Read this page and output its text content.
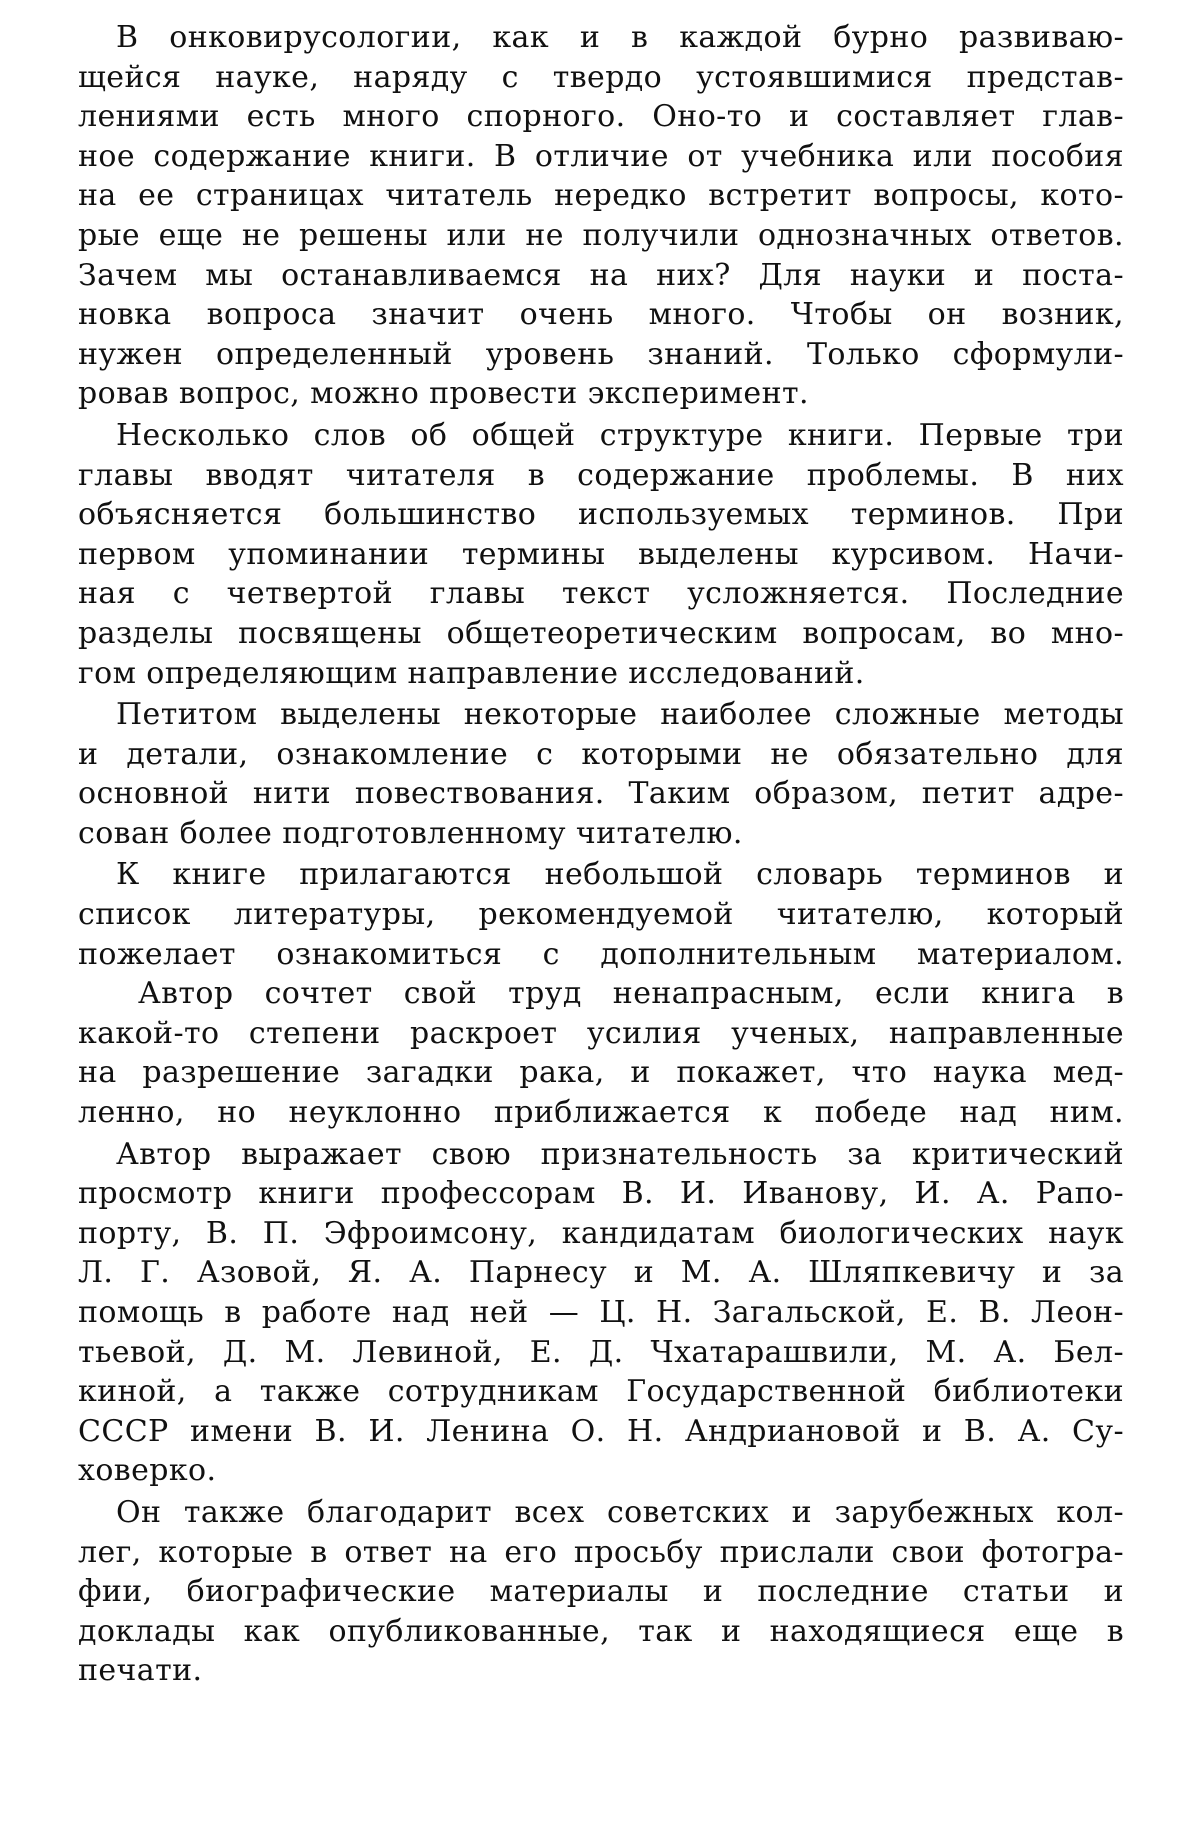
В онковирусологии, как и в каждой бурно развиваю-
щейся науке, наряду с твердо устоявшимися представ-
лениями есть много спорного. Оно-то и составляет глав-
ное содержание книги. В отличие от учебника или пособия
на ее страницах читатель нередко встретит вопросы, кото-
рые еще не решены или не получили однозначных ответов.
Зачем мы останавливаемся на них? Для науки и поста-
новка вопроса значит очень много. Чтобы он возник,
нужен определенный уровень знаний. Только сформули-
ровав вопрос, можно провести эксперимент.

Несколько слов об общей структуре книги. Первые три
главы вводят читателя в содержание проблемы. В них
объясняется большинство используемых терминов. При
первом упоминании термины выделены курсивом. Начи-
ная с четвертой главы текст усложняется. Последние
разделы посвящены общетеоретическим вопросам, во мно-
гом определяющим направление исследований.

Петитом выделены некоторые наиболее сложные методы
и детали, ознакомление с которыми не обязательно для
основной нити повествования. Таким образом, петит адре-
сован более подготовленному читателю.

К книге прилагаются небольшой словарь терминов и
список литературы, рекомендуемой читателю, который
пожелает ознакомиться с дополнительным материалом.

Автор сочтет свой труд ненапрасным, если книга в
какой-то степени раскроет усилия ученых, направленные
на разрешение загадки рака, и покажет, что наука мед-
ленно, но неуклонно приближается к победе над ним.

Автор выражает свою признательность за критический
просмотр книги профессорам В. И. Иванову, И. А. Рапо-
порту, В. П. Эфроимсону, кандидатам биологических наук
Л. Г. Азовой, Я. А. Парнесу и М. А. Шляпкевичу и за
помощь в работе над ней — Ц. Н. Загальской, Е. В. Леон-
тьевой, Д. М. Левиной, Е. Д. Чхатарашвили, М. А. Бел-
киной, а также сотрудникам Государственной библиотеки
СССР имени В. И. Ленина О. Н. Андриановой и В. А. Су-
ховерко.

Он также благодарит всех советских и зарубежных кол-
лег, которые в ответ на его просьбу прислали свои фотогра-
фии, биографические материалы и последние статьи и
доклады как опубликованные, так и находящиеся еще в
печати.
